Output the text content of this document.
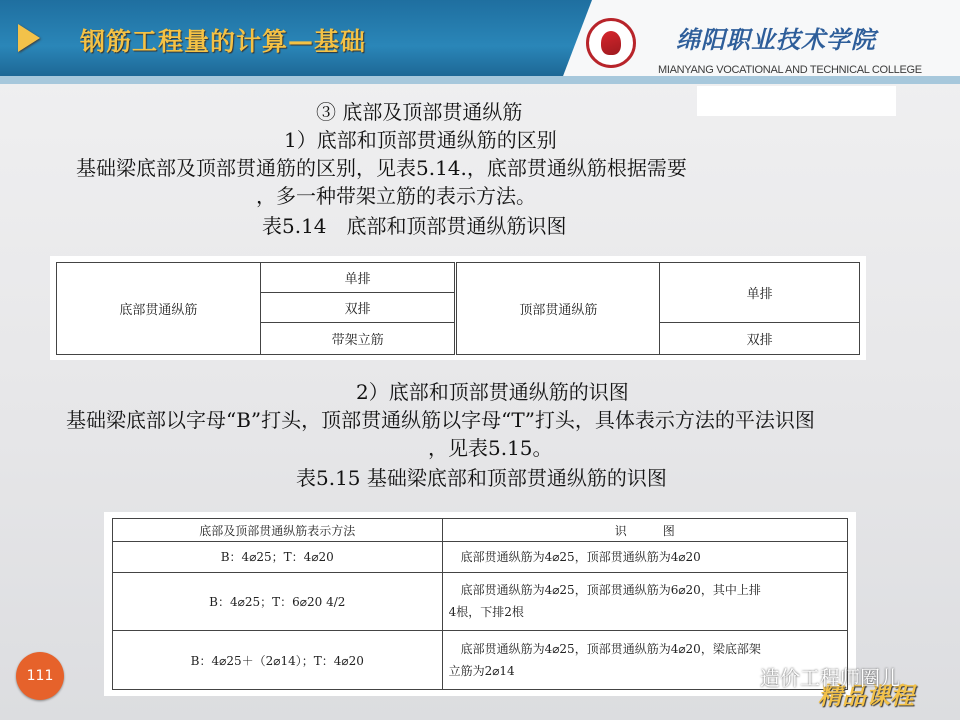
钢筋工程量的计算—基础	绵阳职业技术学院
MIANYANG VOCATIONAL AND TECHNICAL COLLEGE
③ 底部及顶部贯通纵筋
1）底部和顶部贯通纵筋的区别
基础梁底部及顶部贯通筋的区别，见表5.14.，底部贯通纵筋根据需要
，多一种带架立筋的表示方法。
表5.14　底部和顶部贯通纵筋识图
底部贯通纵筋	单排	顶部贯通纵筋	单排
	双排		
	带架立筋		双排
2）底部和顶部贯通纵筋的识图
基础梁底部以字母“B”打头，顶部贯通纵筋以字母“T”打头，具体表示方法的平法识图
，见表5.15。
表5.15 基础梁底部和顶部贯通纵筋的识图
底部及顶部贯通纵筋表示方法	识　　　图
B：4⌀25；T：4⌀20	底部贯通纵筋为4⌀25，顶部贯通纵筋为4⌀20

B：4⌀25；T：6⌀20 4/2	底部贯通纵筋为4⌀25，顶部贯通纵筋为6⌀20，其中上排
4根，下排2根

B：4⌀25＋（2⌀14）；T：4⌀20	底部贯通纵筋为4⌀25，顶部贯通纵筋为4⌀20，梁底部架
立筋为2⌀14
111
精品课程
造价工程师圈儿
